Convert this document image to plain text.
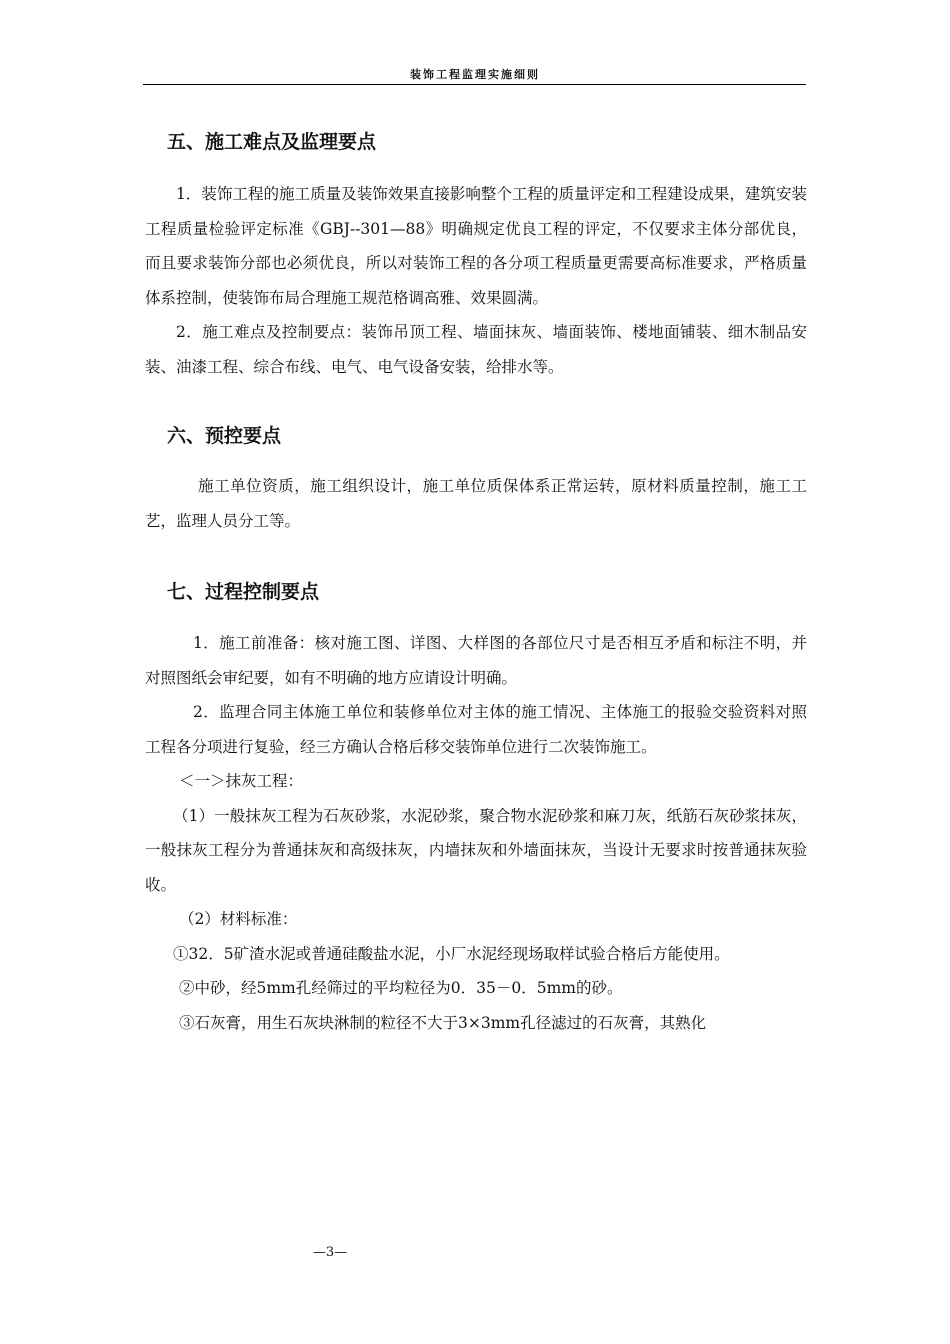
装饰工程监理实施细则
五、施工难点及监理要点

1．装饰工程的施工质量及装饰效果直接影响整个工程的质量评定和工程建设成果，建筑安装工程质量检验评定标准《GBJ--301—88》明确规定优良工程的评定，不仅要求主体分部优良，而且要求装饰分部也必须优良，所以对装饰工程的各分项工程质量更需要高标准要求，严格质量体系控制，使装饰布局合理施工规范格调高雅、效果圆满。

2．施工难点及控制要点：装饰吊顶工程、墙面抹灰、墙面装饰、楼地面铺装、细木制品安装、油漆工程、综合布线、电气、电气设备安装，给排水等。

六、预控要点

施工单位资质，施工组织设计，施工单位质保体系正常运转，原材料质量控制，施工工艺，监理人员分工等。

七、过程控制要点

1．施工前准备：核对施工图、详图、大样图的各部位尺寸是否相互矛盾和标注不明，并对照图纸会审纪要，如有不明确的地方应请设计明确。

2．监理合同主体施工单位和装修单位对主体的施工情况、主体施工的报验交验资料对照工程各分项进行复验，经三方确认合格后移交装饰单位进行二次装饰施工。

＜一＞抹灰工程：

（1）一般抹灰工程为石灰砂浆，水泥砂浆，聚合物水泥砂浆和麻刀灰，纸筋石灰砂浆抹灰，一般抹灰工程分为普通抹灰和高级抹灰，内墙抹灰和外墙面抹灰，当设计无要求时按普通抹灰验收。

（2）材料标准：

①32．5矿渣水泥或普通硅酸盐水泥，小厂水泥经现场取样试验合格后方能使用。

②中砂，经5mm孔经筛过的平均粒径为0．35－0．5mm的砂。

③石灰膏，用生石灰块淋制的粒径不大于3×3mm孔径滤过的石灰膏，其熟化

—3—
